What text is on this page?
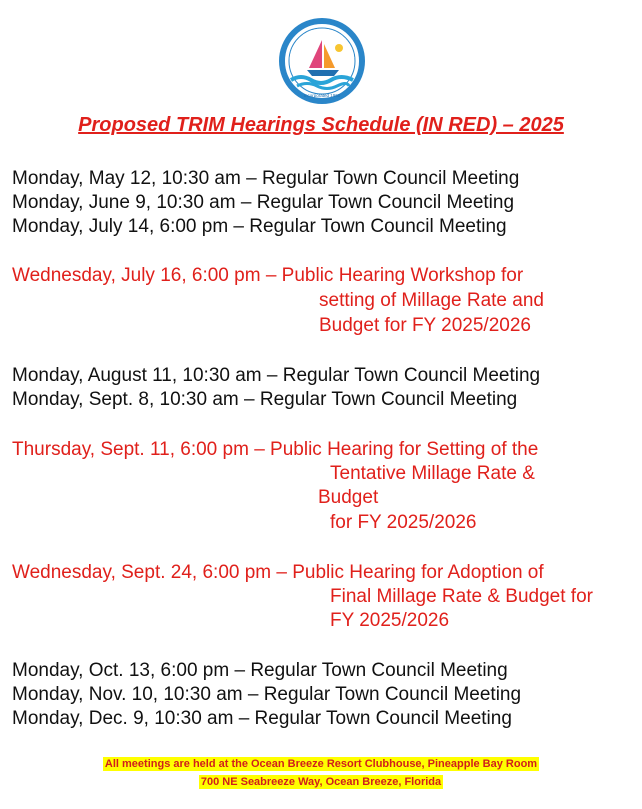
TOWN OF OCEAN BREEZE FLORIDA
Incorporated 1960
Proposed TRIM Hearings Schedule (IN RED) – 2025
Monday, May 12, 10:30 am – Regular Town Council Meeting
Monday, June 9, 10:30 am – Regular Town Council Meeting
Monday, July 14, 6:00 pm – Regular Town Council Meeting
Wednesday, July 16, 6:00 pm – Public Hearing Workshop for
setting of Millage Rate and
Budget for FY 2025/2026
Monday, August 11, 10:30 am – Regular Town Council Meeting
Monday, Sept. 8, 10:30 am – Regular Town Council Meeting
Thursday, Sept. 11, 6:00 pm – Public Hearing for Setting of the
Tentative Millage Rate &
Budget
for FY 2025/2026
Wednesday, Sept. 24, 6:00 pm – Public Hearing for Adoption of
Final Millage Rate & Budget for
FY 2025/2026
Monday, Oct. 13, 6:00 pm – Regular Town Council Meeting
Monday, Nov. 10, 10:30 am – Regular Town Council Meeting
Monday, Dec. 9, 10:30 am – Regular Town Council Meeting
All meetings are held at the Ocean Breeze Resort Clubhouse, Pineapple Bay Room
700 NE Seabreeze Way, Ocean Breeze, Florida
